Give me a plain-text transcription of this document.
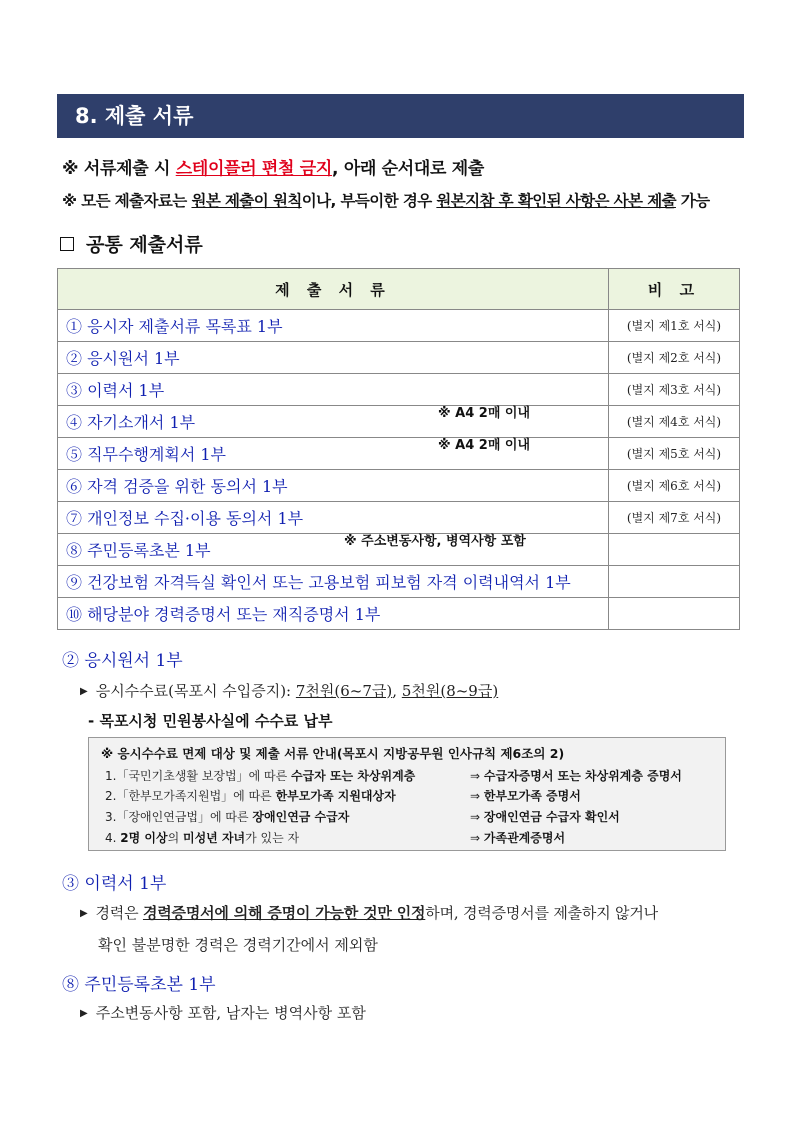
8. 제출 서류
※ 서류제출 시 스테이플러 편철 금지, 아래 순서대로 제출
※ 모든 제출자료는 원본 제출이 원칙이나, 부득이한 경우 원본지참 후 확인된 사항은 사본 제출 가능
공통 제출서류
제 출 서 류	비 고

① 응시자 제출서류 목록표 1부	(별지 제1호 서식)

② 응시원서 1부	(별지 제2호 서식)

③ 이력서 1부	(별지 제3호 서식)

④ 자기소개서 1부 ※ A4 2매 이내	(별지 제4호 서식)

⑤ 직무수행계획서 1부 ※ A4 2매 이내	(별지 제5호 서식)

⑥ 자격 검증을 위한 동의서 1부	(별지 제6호 서식)

⑦ 개인정보 수집·이용 동의서 1부	(별지 제7호 서식)

⑧ 주민등록초본 1부 ※ 주소변동사항, 병역사항 포함	

⑨ 건강보험 자격득실 확인서 또는 고용보험 피보험 자격 이력내역서 1부	

⑩ 해당분야 경력증명서 또는 재직증명서 1부	

② 응시원서 1부
▶ 응시수수료(목포시 수입증지): 7천원(6~7급), 5천원(8~9급)
- 목포시청 민원봉사실에 수수료 납부
※ 응시수수료 면제 대상 및 제출 서류 안내(목포시 지방공무원 인사규칙 제6조의 2)
1.「국민기초생활 보장법」에 따른 수급자 또는 차상위계층	⇒ 수급자증명서 또는 차상위계층 증명서
2.「한부모가족지원법」에 따른 한부모가족 지원대상자	⇒ 한부모가족 증명서
3.「장애인연금법」에 따른 장애인연금 수급자	⇒ 장애인연금 수급자 확인서
4. 2명 이상의 미성년 자녀가 있는 자	⇒ 가족관계증명서
③ 이력서 1부
▶ 경력은 경력증명서에 의해 증명이 가능한 것만 인정하며, 경력증명서를 제출하지 않거나
확인 불분명한 경력은 경력기간에서 제외함
⑧ 주민등록초본 1부
▶ 주소변동사항 포함, 남자는 병역사항 포함
